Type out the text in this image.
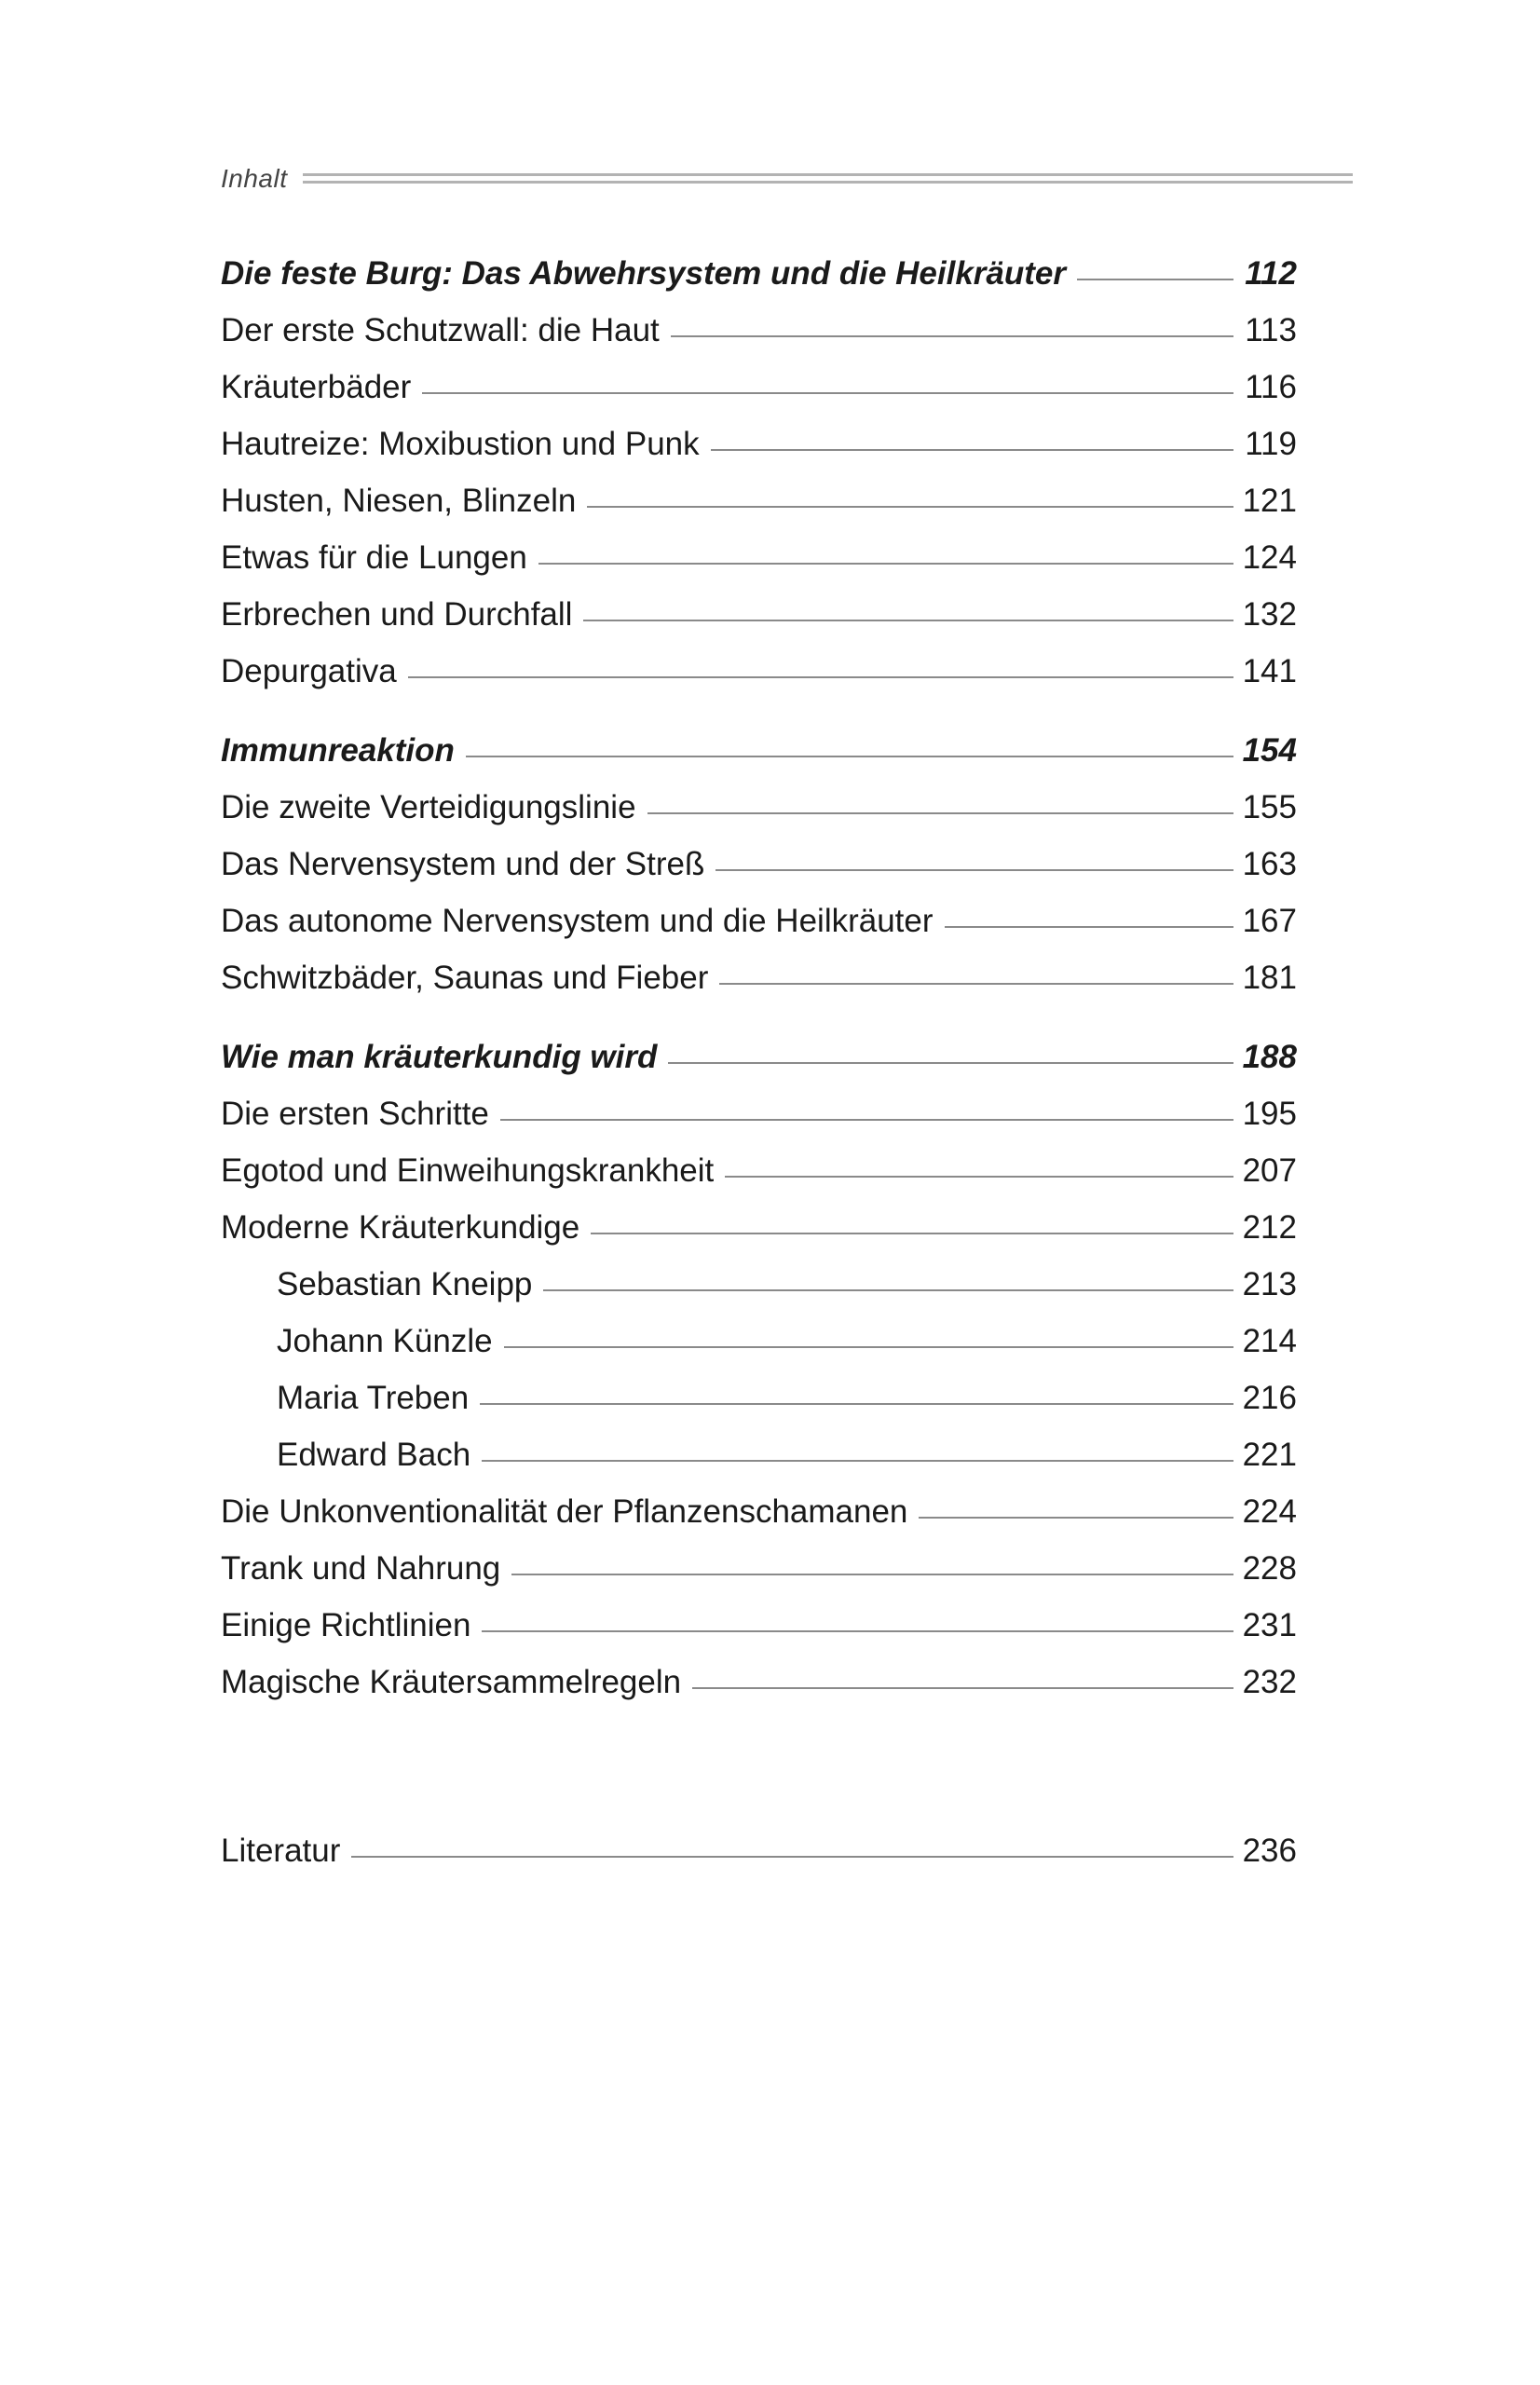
Inhalt
Die feste Burg: Das Abwehrsystem und die Heilkräuter	112
Der erste Schutzwall: die Haut	113
Kräuterbäder	116
Hautreize: Moxibustion und Punk	119
Husten, Niesen, Blinzeln	121
Etwas für die Lungen	124
Erbrechen und Durchfall	132
Depurgativa	141
Immunreaktion	154
Die zweite Verteidigungslinie	155
Das Nervensystem und der Streß	163
Das autonome Nervensystem und die Heilkräuter	167
Schwitzbäder, Saunas und Fieber	181
Wie man kräuterkundig wird	188
Die ersten Schritte	195
Egotod und Einweihungskrankheit	207
Moderne Kräuterkundige	212
Sebastian Kneipp	213
Johann Künzle	214
Maria Treben	216
Edward Bach	221
Die Unkonventionalität der Pflanzenschamanen	224
Trank und Nahrung	228
Einige Richtlinien	231
Magische Kräutersammelregeln	232
Literatur	236
